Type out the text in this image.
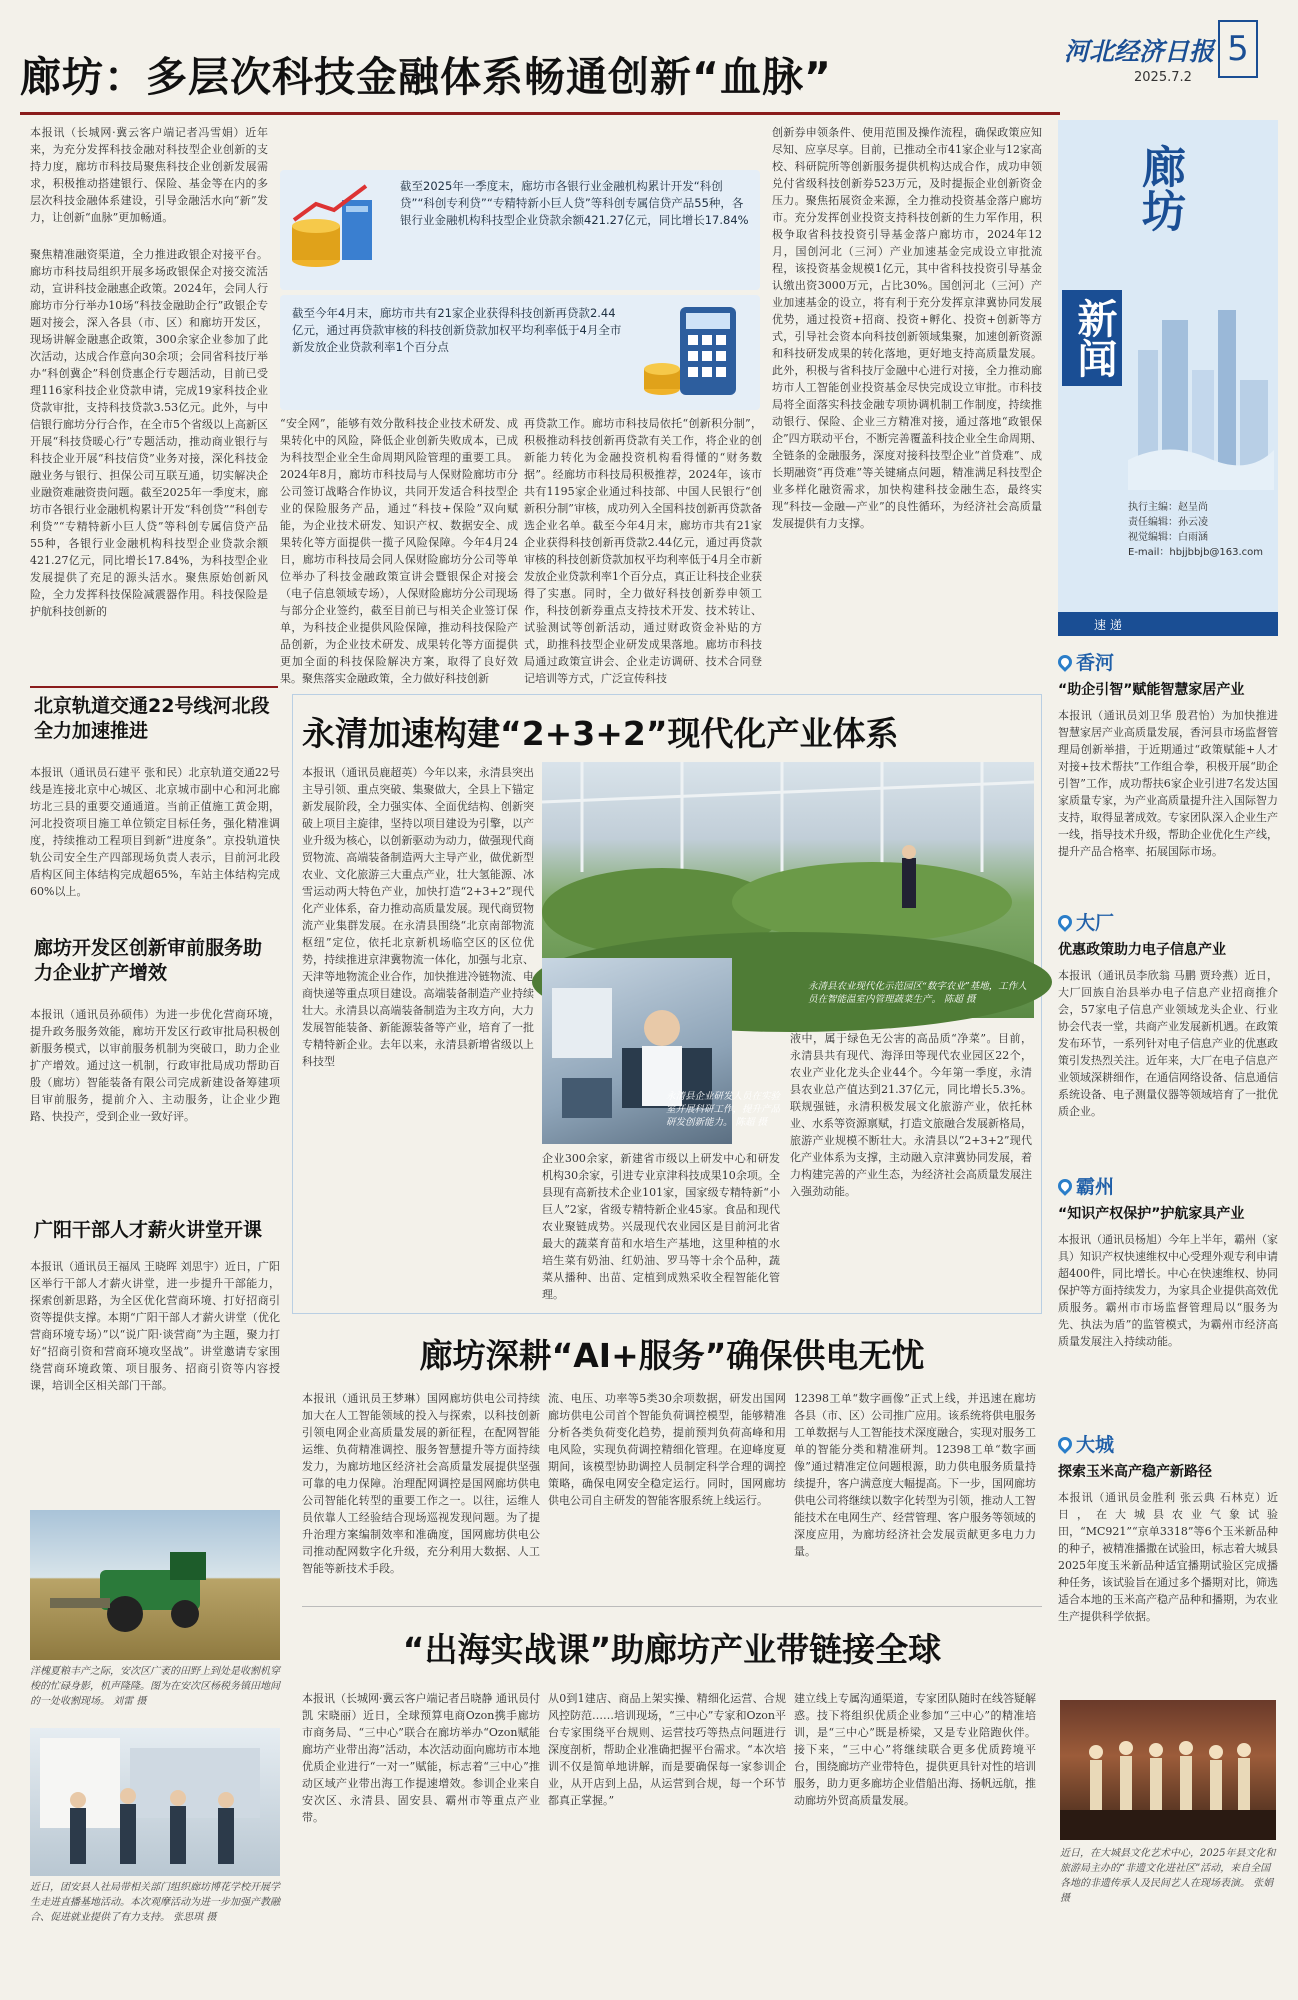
廊坊：多层次科技金融体系畅通创新“血脉”
河北经济日报
2025.7.2
5
本报讯（长城网·冀云客户端记者冯雪娟）近年来，为充分发挥科技金融对科技型企业创新的支持力度，廊坊市科技局聚焦科技企业创新发展需求，积极推动搭建银行、保险、基金等在内的多层次科技金融体系建设，引导金融活水向“新”发力，让创新“血脉”更加畅通。
聚焦精准融资渠道，全力推进政银企对接平台。廊坊市科技局组织开展多场政银保企对接交流活动，宣讲科技金融惠企政策。2024年，会同人行廊坊市分行举办10场“科技金融助企行”政银企专题对接会，深入各县（市、区）和廊坊开发区，现场讲解金融惠企政策，300余家企业参加了此次活动，达成合作意向30余项；会同省科技厅举办“科创冀企”科创贷惠企行专题活动，目前已受理116家科技企业贷款申请，完成19家科技企业贷款审批，支持科技贷款3.53亿元。此外，与中信银行廊坊分行合作，在全市5个省级以上高新区开展“科技贷暖心行”专题活动，推动商业银行与科技企业开展“科技信贷”业务对接，深化科技金融业务与银行、担保公司互联互通，切实解决企业融资难融资贵问题。截至2025年一季度末，廊坊市各银行业金融机构累计开发“科创贷”“科创专利贷”“专精特新小巨人贷”等科创专属信贷产品55种，各银行业金融机构科技型企业贷款余额421.27亿元，同比增长17.84%，为科技型企业发展提供了充足的源头活水。聚焦原始创新风险，全力发挥科技保险减震器作用。科技保险是护航科技创新的
截至2025年一季度末，廊坊市各银行业金融机构累计开发“科创贷”“科创专利贷”“专精特新小巨人贷”等科创专属信贷产品55种，各银行业金融机构科技型企业贷款余额421.27亿元，同比增长17.84%
截至今年4月末，廊坊市共有21家企业获得科技创新再贷款2.44亿元，通过再贷款审核的科技创新贷款加权平均利率低于4月全市新发放企业贷款利率1个百分点
“安全网”，能够有效分散科技企业技术研发、成果转化中的风险，降低企业创新失败成本，已成为科技型企业全生命周期风险管理的重要工具。2024年8月，廊坊市科技局与人保财险廊坊市分公司签订战略合作协议，共同开发适合科技型企业的保险服务产品，通过“科技+保险”双向赋能，为企业技术研发、知识产权、数据安全、成果转化等方面提供一揽子风险保障。今年4月24日，廊坊市科技局会同人保财险廊坊分公司等单位举办了科技金融政策宣讲会暨银保企对接会（电子信息领域专场），人保财险廊坊分公司现场与部分企业签约，截至目前已与相关企业签订保单，为科技企业提供风险保障，推动科技保险产品创新，为企业技术研发、成果转化等方面提供更加全面的科技保险解决方案，取得了良好效果。聚焦落实金融政策，全力做好科技创新
再贷款工作。廊坊市科技局依托“创新积分制”，积极推动科技创新再贷款有关工作，将企业的创新能力转化为金融投资机构看得懂的“财务数据”。经廊坊市科技局积极推荐，2024年，该市共有1195家企业通过科技部、中国人民银行“创新积分制”审核，成功列入全国科技创新再贷款备选企业名单。截至今年4月末，廊坊市共有21家企业获得科技创新再贷款2.44亿元，通过再贷款审核的科技创新贷款加权平均利率低于4月全市新发放企业贷款利率1个百分点，真正让科技企业获得了实惠。同时，全力做好科技创新券申领工作，科技创新券重点支持技术开发、技术转让、试验测试等创新活动，通过财政资金补贴的方式，助推科技型企业研发成果落地。廊坊市科技局通过政策宣讲会、企业走访调研、技术合同登记培训等方式，广泛宣传科技
创新券申领条件、使用范围及操作流程，确保政策应知尽知、应享尽享。目前，已推动全市41家企业与12家高校、科研院所等创新服务提供机构达成合作，成功申领兑付省级科技创新券523万元，及时提振企业创新资金压力。聚焦拓展资金来源，全力推动投资基金落户廊坊市。充分发挥创业投资支持科技创新的生力军作用，积极争取省科技投资引导基金落户廊坊市，2024年12月，国创河北（三河）产业加速基金完成设立审批流程，该投资基金规模1亿元，其中省科技投资引导基金认缴出资3000万元，占比30%。国创河北（三河）产业加速基金的设立，将有利于充分发挥京津冀协同发展优势，通过投资+招商、投资+孵化、投资+创新等方式，引导社会资本向科技创新领域集聚，加速创新资源和科技研发成果的转化落地，更好地支持高质量发展。此外，积极与省科技厅金融中心进行对接，全力推动廊坊市人工智能创业投资基金尽快完成设立审批。市科技局将全面落实科技金融专项协调机制工作制度，持续推动银行、保险、企业三方精准对接，通过落地“政银保企”四方联动平台，不断完善覆盖科技企业全生命周期、全链条的金融服务，深度对接科技型企业“首贷难”、成长期融资“再贷难”等关键痛点问题，精准满足科技型企业多样化融资需求，加快构建科技金融生态，最终实现“科技—金融—产业”的良性循环，为经济社会高质量发展提供有力支撑。
廊坊
新闻
执行主编：赵呈尚
责任编辑：孙云凌
视觉编辑：白雨涵
E-mail：hbjjbbjb@163.com
速 递
香河
“助企引智”赋能智慧家居产业
本报讯（通讯员刘卫华 殷君怡）为加快推进智慧家居产业高质量发展，香河县市场监督管理局创新举措，于近期通过“政策赋能+人才对接+技术帮扶”工作组合拳，积极开展“助企引智”工作，成功帮扶6家企业引进7名发达国家质量专家，为产业高质量提升注入国际智力支持，取得显著成效。专家团队深入企业生产一线，指导技术升级，帮助企业优化生产线，提升产品合格率、拓展国际市场。
大厂
优惠政策助力电子信息产业
本报讯（通讯员李欣翁 马鹏 贾玲燕）近日，大厂回族自治县举办电子信息产业招商推介会，57家电子信息产业领域龙头企业、行业协会代表一堂，共商产业发展新机遇。在政策发布环节，一系列针对电子信息产业的优惠政策引发热烈关注。近年来，大厂在电子信息产业领域深耕细作，在通信网络设备、信息通信系统设备、电子测量仪器等领域培育了一批优质企业。
霸州
“知识产权保护”护航家具产业
本报讯（通讯员杨旭）今年上半年，霸州（家具）知识产权快速维权中心受理外观专利申请超400件，同比增长。中心在快速维权、协同保护等方面持续发力，为家具企业提供高效优质服务。霸州市市场监督管理局以“服务为先、执法为盾”的监管模式，为霸州市经济高质量发展注入持续动能。
大城
探索玉米高产稳产新路径
本报讯（通讯员金胜利 张云典 石林克）近日，在大城县农业气象试验田，“MC921”“京单3318”等6个玉米新品种的种子，被精准播撒在试验田，标志着大城县2025年度玉米新品种适宜播期试验区完成播种任务，该试验旨在通过多个播期对比，筛选适合本地的玉米高产稳产品种和播期，为农业生产提供科学依据。
近日，在大城县文化艺术中心，2025年县文化和旅游局主办的“非遗文化进社区”活动，来自全国各地的非遗传承人及民间艺人在现场表演。 张娟 摄
北京轨道交通22号线河北段全力加速推进
本报讯（通讯员石建平 张和民）北京轨道交通22号线是连接北京中心城区、北京城市副中心和河北廊坊北三县的重要交通通道。当前正值施工黄金期，河北投资项目施工单位锁定目标任务，强化精准调度，持续推动工程项目到新“进度条”。京投轨道快轨公司安全生产四部现场负责人表示，目前河北段盾构区间主体结构完成超65%，车站主体结构完成60%以上。
廊坊开发区创新审前服务助力企业扩产增效
本报讯（通讯员孙硕伟）为进一步优化营商环境，提升政务服务效能，廊坊开发区行政审批局积极创新服务模式，以审前服务机制为突破口，助力企业扩产增效。通过这一机制，行政审批局成功帮助百殷（廊坊）智能装备有限公司完成新建设备筹建项目审前服务，提前介入、主动服务，让企业少跑路、快投产，受到企业一致好评。
广阳干部人才薪火讲堂开课
本报讯（通讯员王福凤 王晓晖 刘思宇）近日，广阳区举行干部人才薪火讲堂，进一步提升干部能力，探索创新思路，为全区优化营商环境、打好招商引资等提供支撑。本期“广阳干部人才薪火讲堂（优化营商环境专场）”以“说广阳·谈营商”为主题，聚力打好“招商引资和营商环境攻坚战”。讲堂邀请专家围绕营商环境政策、项目服务、招商引资等内容授课，培训全区相关部门干部。
洋槐夏粮丰产之际，安次区广袤的田野上到处是收割机穿梭的忙碌身影，机声隆隆。图为在安次区杨税务镇田地间的一处收割现场。 刘雷 摄
近日，团安县人社局带相关部门组织廊坊博花学校开展学生走进直播基地活动。本次观摩活动为进一步加强产教融合、促进就业提供了有力支持。 张思琪 摄
永清加速构建“2+3+2”现代化产业体系
本报讯（通讯员鹿超英）今年以来，永清县突出主导引领、重点突破、集聚做大，全县上下锚定新发展阶段，全力强实体、全面优结构、创新突破上项目主旋律，坚持以项目建设为引擎，以产业升级为核心，以创新驱动为动力，做强现代商贸物流、高端装备制造两大主导产业，做优新型农业、文化旅游三大重点产业，壮大氢能源、冰雪运动两大特色产业，加快打造“2+3+2”现代化产业体系，奋力推动高质量发展。现代商贸物流产业集群发展。在永清县围绕“北京南部物流枢纽”定位，依托北京新机场临空区的区位优势，持续推进京津冀物流一体化，加强与北京、天津等地物流企业合作，加快推进冷链物流、电商快递等重点项目建设。高端装备制造产业持续壮大。永清县以高端装备制造为主攻方向，大力发展智能装备、新能源装备等产业，培育了一批专精特新企业。去年以来，永清县新增省级以上科技型
永清县农业现代化示范园区“数字农业”基地，工作人员在智能温室内管理蔬菜生产。 陈超 摄
永清县企业研发人员在实验室开展科研工作，提升产品研发创新能力。 陈超 摄
企业300余家，新建省市级以上研发中心和研发机构30余家，引进专业京津科技成果10余项。全县现有高新技术企业101家，国家级专精特新“小巨人”2家，省级专精特新企业45家。食品和现代农业聚链成势。兴晟现代农业园区是目前河北省最大的蔬菜育苗和水培生产基地，这里种植的水培生菜有奶油、红奶油、罗马等十余个品种，蔬菜从播种、出苗、定植到成熟采收全程智能化管理。
液中，属于绿色无公害的高品质“净菜”。目前，永清县共有现代、海泽田等现代农业园区22个，农业产业化龙头企业44个。今年第一季度，永清县农业总产值达到21.37亿元，同比增长5.3%。联规强链，永清积极发展文化旅游产业，依托林业、水系等资源禀赋，打造文旅融合发展新格局，旅游产业规模不断壮大。永清县以“2+3+2”现代化产业体系为支撑，主动融入京津冀协同发展，着力构建完善的产业生态，为经济社会高质量发展注入强劲动能。
廊坊深耕“AI+服务”确保供电无忧
本报讯（通讯员王梦琳）国网廊坊供电公司持续加大在人工智能领域的投入与探索，以科技创新引领电网企业高质量发展的新征程，在配网智能运维、负荷精准调控、服务智慧提升等方面持续发力，为廊坊地区经济社会高质量发展提供坚强可靠的电力保障。治理配网调控是国网廊坊供电公司智能化转型的重要工作之一。以往，运维人员依靠人工经验结合现场巡视发现问题。为了提升治理方案编制效率和准确度，国网廊坊供电公司推动配网数字化升级，充分利用大数据、人工智能等新技术手段。
流、电压、功率等5类30余项数据，研发出国网廊坊供电公司首个智能负荷调控模型，能够精准分析各类负荷变化趋势，提前预判负荷高峰和用电风险，实现负荷调控精细化管理。在迎峰度夏期间，该模型协助调控人员制定科学合理的调控策略，确保电网安全稳定运行。同时，国网廊坊供电公司自主研发的智能客服系统上线运行。
12398工单“数字画像”正式上线，并迅速在廊坊各县（市、区）公司推广应用。该系统将供电服务工单数据与人工智能技术深度融合，实现对服务工单的智能分类和精准研判。12398工单“数字画像”通过精准定位问题根源，助力供电服务质量持续提升，客户满意度大幅提高。下一步，国网廊坊供电公司将继续以数字化转型为引领，推动人工智能技术在电网生产、经营管理、客户服务等领域的深度应用，为廊坊经济社会发展贡献更多电力力量。
“出海实战课”助廊坊产业带链接全球
本报讯（长城网·冀云客户端记者吕晓静 通讯员付凯 宋晓丽）近日，全球预算电商Ozon携手廊坊市商务局、“三中心”联合在廊坊举办“Ozon赋能廊坊产业带出海”活动，本次活动面向廊坊市本地优质企业进行“一对一”赋能，标志着“三中心”推动区域产业带出海工作提速增效。参训企业来自安次区、永清县、固安县、霸州市等重点产业带。
从0到1建店、商品上架实操、精细化运营、合规风控防范……培训现场，“三中心”专家和Ozon平台专家围绕平台规则、运营技巧等热点问题进行深度剖析，帮助企业准确把握平台需求。“本次培训不仅是简单地讲解，而是要确保每一家参训企业，从开店到上品，从运营到合规，每一个环节都真正掌握。”
建立线上专属沟通渠道，专家团队随时在线答疑解惑。技下将组织优质企业参加“三中心”的精准培训，是“三中心”既是桥梁，又是专业陪跑伙伴。接下来，“三中心”将继续联合更多优质跨境平台，围绕廊坊产业带特色，提供更具针对性的培训服务，助力更多廊坊企业借船出海、扬帆远航，推动廊坊外贸高质量发展。
